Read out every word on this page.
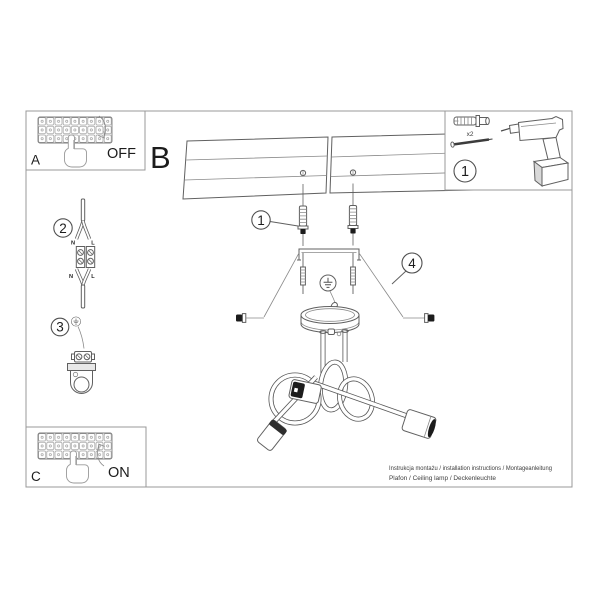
1
4
2
N	L
N	L
3
OFF
A
ON
C
B
x2
1
Instrukcja montażu / installation instructions / Montageanleitung
Plafon / Ceiling lamp / Deckenleuchte
